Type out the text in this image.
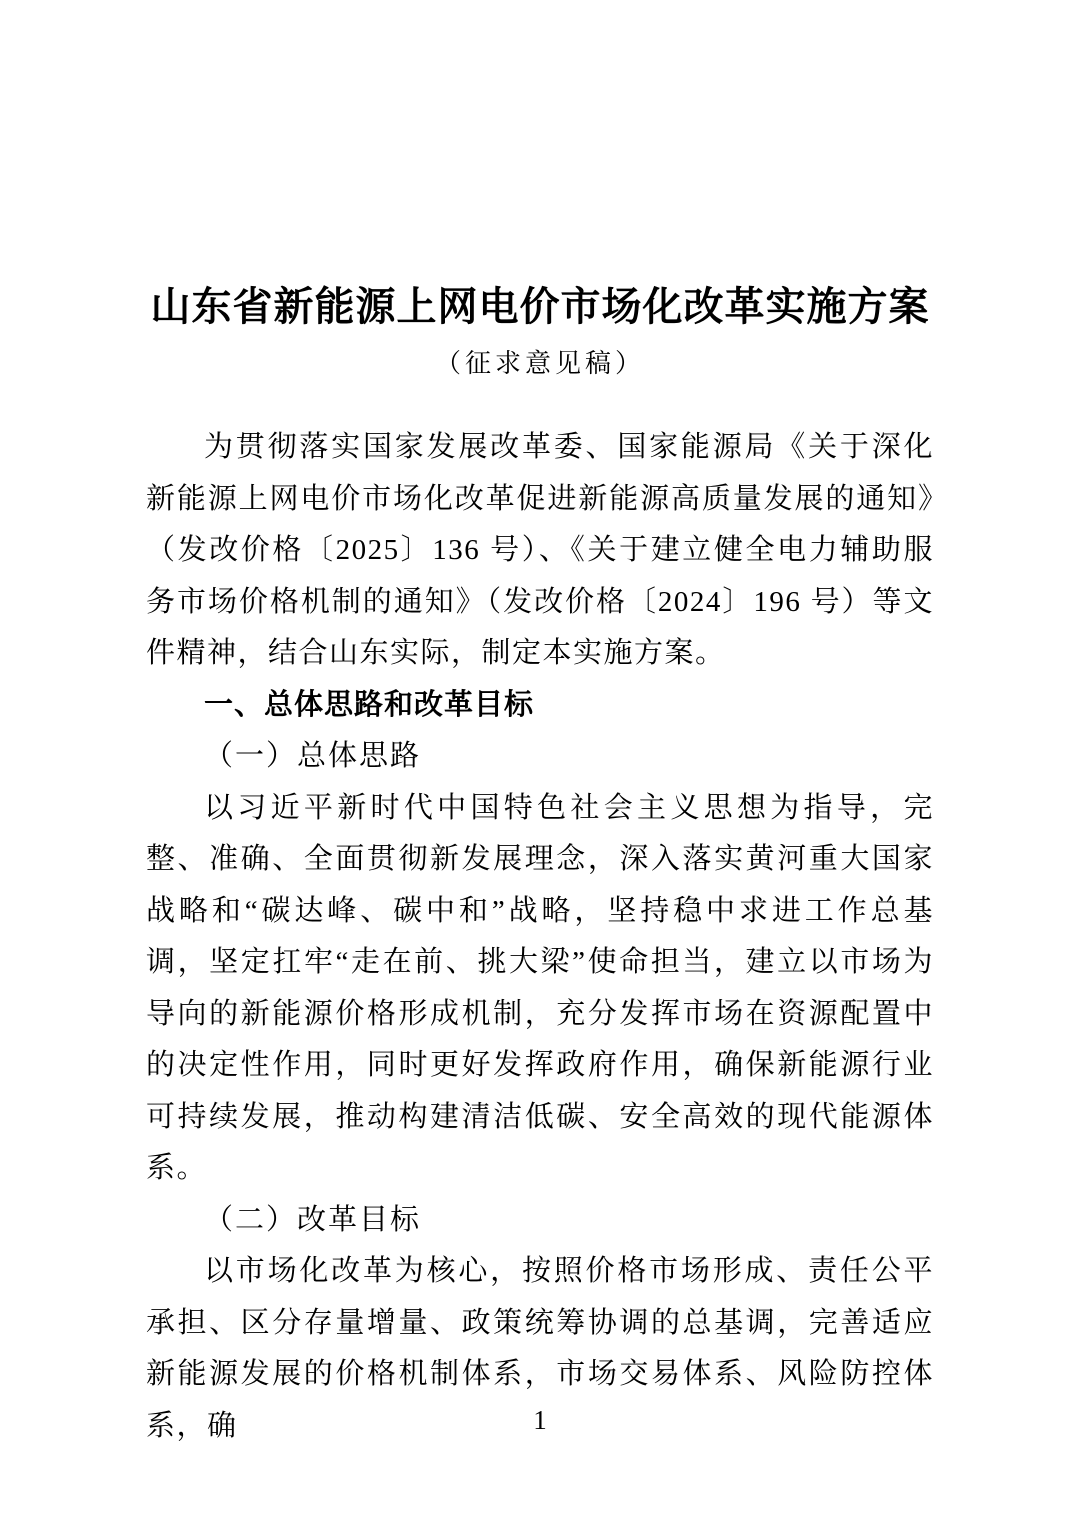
山东省新能源上网电价市场化改革实施方案
（征求意见稿）

为贯彻落实国家发展改革委、国家能源局《关于深化新能源上网电价市场化改革促进新能源高质量发展的通知》（发改价格〔2025〕136 号）、《关于建立健全电力辅助服务市场价格机制的通知》（发改价格〔2024〕196 号）等文件精神，结合山东实际，制定本实施方案。

一、总体思路和改革目标

（一）总体思路

以习近平新时代中国特色社会主义思想为指导，完整、准确、全面贯彻新发展理念，深入落实黄河重大国家战略和“碳达峰、碳中和”战略，坚持稳中求进工作总基调，坚定扛牢“走在前、挑大梁”使命担当，建立以市场为导向的新能源价格形成机制，充分发挥市场在资源配置中的决定性作用，同时更好发挥政府作用，确保新能源行业可持续发展，推动构建清洁低碳、安全高效的现代能源体系。

（二）改革目标

以市场化改革为核心，按照价格市场形成、责任公平承担、区分存量增量、政策统筹协调的总基调，完善适应新能源发展的价格机制体系，市场交易体系、风险防控体系，确	1
